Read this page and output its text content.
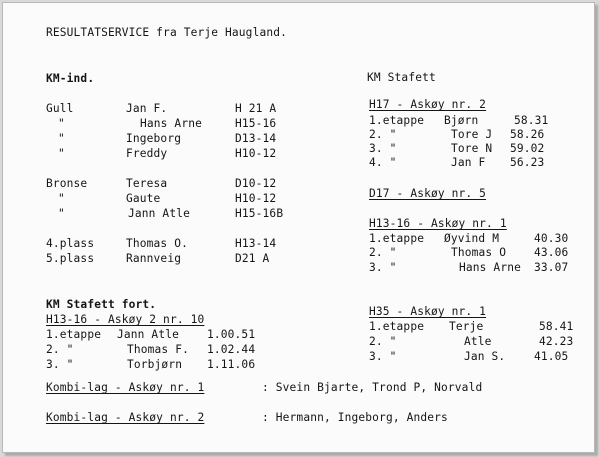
RESULTATSERVICE fra Terje Haugland.
KM-ind.
Gull	Jan F.	H 21 A
"	Hans Arne	H15-16
"	Ingeborg	D13-14
"	Freddy	H10-12
Bronse	Teresa	D10-12
"	Gaute	H10-12
"	Jann Atle	H15-16B
4.plass	Thomas O.	H13-14
5.plass	Rannveig	D21 A
KM Stafett fort.
H13-16 - Askøy 2 nr. 10
1.etappe Jann Atle	1.00.51
2. "	Thomas F. 1.02.44
3. "	Torbjørn 1.11.06
KM Stafett
H17 - Askøy nr. 2
1.etappe Bjørn	58.31
2. "	Tore J 58.26
3. "	Tore N 59.02
4. "	Jan F 56.23
D17 - Askøy nr. 5
H13-16 - Askøy nr. 1
1.etappe Øyvind M	40.30
2. "	Thomas O 43.06
3. "	Hans Arne 33.07
H35 - Askøy nr. 1
1.etappe Terje	58.41
2. "	Atle	42.23
3. "	Jan S.	41.05
Kombi-lag - Askøy nr. 1	: Svein Bjarte, Trond P, Norvald
Kombi-lag - Askøy nr. 2	: Hermann, Ingeborg, Anders
